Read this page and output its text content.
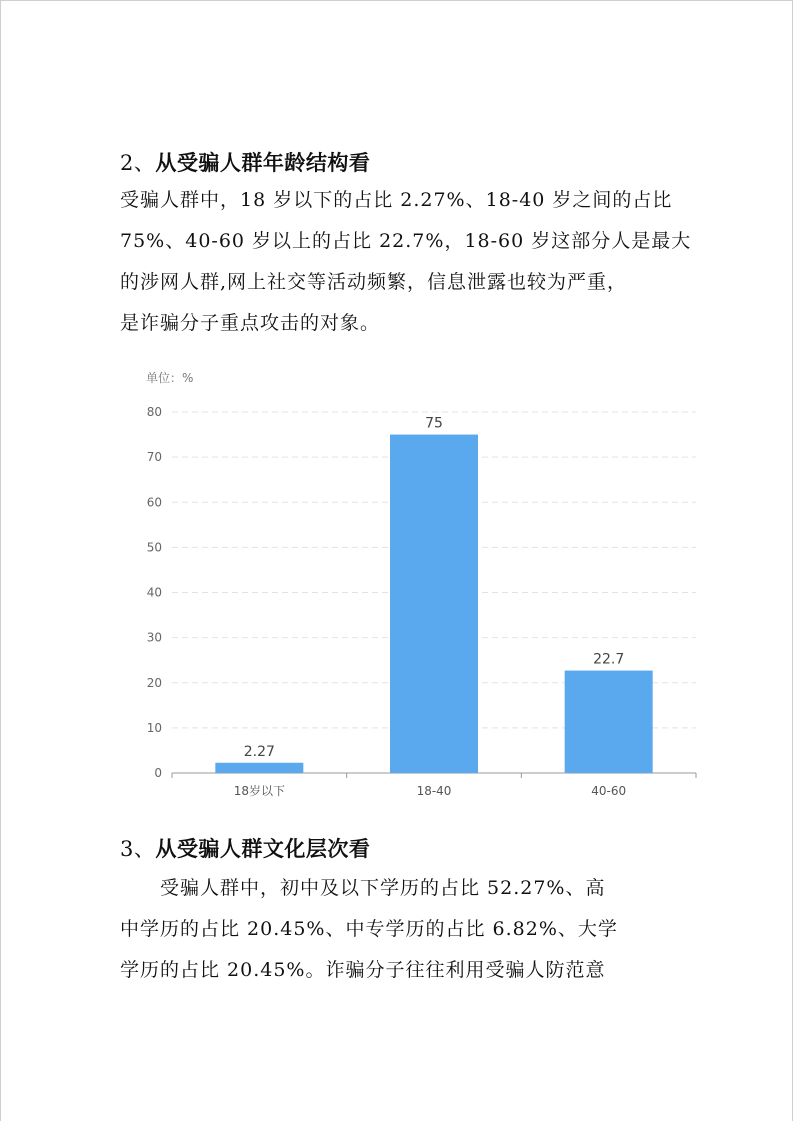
2、从受骗人群年龄结构看
受骗人群中，18 岁以下的占比 2.27%、18-40 岁之间的占比
75%、40-60 岁以上的占比 22.7%，18-60 岁这部分人是最大
的涉网人群,网上社交等活动频繁，信息泄露也较为严重，
是诈骗分子重点攻击的对象。
单位：%
0
10
20
30
40
50
60
70
80
2.27
18岁以下
75
18-40
22.7
40-60
3、从受骗人群文化层次看
　　受骗人群中，初中及以下学历的占比 52.27%、高
中学历的占比 20.45%、中专学历的占比 6.82%、大学
学历的占比 20.45%。诈骗分子往往利用受骗人防范意
